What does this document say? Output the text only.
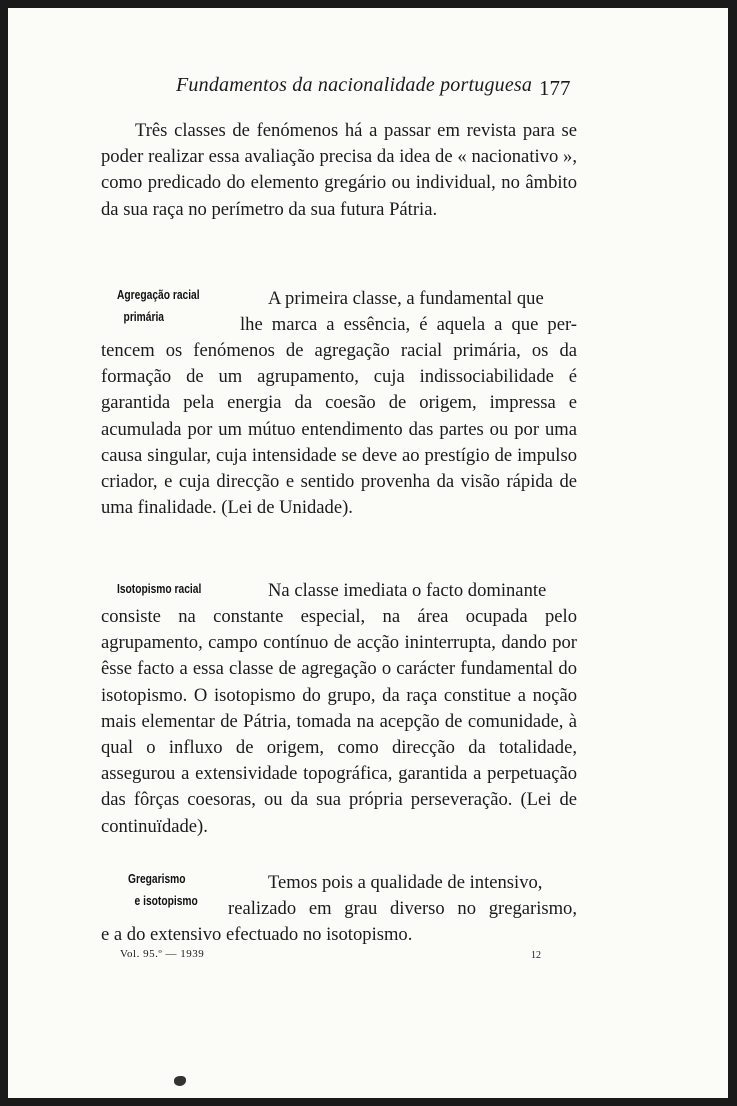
Fundamentos da nacionalidade portuguesa 177

Três classes de fenómenos há a passar em revista para se poder realizar essa avaliação precisa da idea de « nacionativo », como predicado do elemento gregário ou individual, no âmbito da sua raça no perímetro da sua futura Pátria.

Agregação racial
primária

A primeira classe, a fundamental que

lhe marca a essência, é aquela a que per-

tencem os fenómenos de agregação racial primária, os da formação de um agrupamento, cuja indissociabilidade é garantida pela energia da coesão de origem, impressa e acumulada por um mútuo entendimento das partes ou por uma causa singular, cuja intensidade se deve ao prestígio de impulso criador, e cuja direcção e sentido provenha da visão rápida de uma finalidade. (Lei de Unidade).

Isotopismo racial	Na classe imediata o facto dominante

consiste na constante especial, na área ocupada pelo agrupamento, campo contínuo de acção ininterrupta, dando por êsse facto a essa classe de agregação o carácter fundamental do isotopismo. O isotopismo do grupo, da raça constitue a noção mais elementar de Pátria, tomada na acepção de comunidade, à qual o influxo de origem, como direcção da totalidade, assegurou a extensividade topográfica, garantida a perpetuação das fôrças coesoras, ou da sua própria perseveração. (Lei de continuïdade).

Gregarismo
e isotopismo

Temos pois a qualidade de intensivo,

realizado em grau diverso no gregarismo,

e a do extensivo efectuado no isotopismo.

Vol. 95.º — 1939	12
